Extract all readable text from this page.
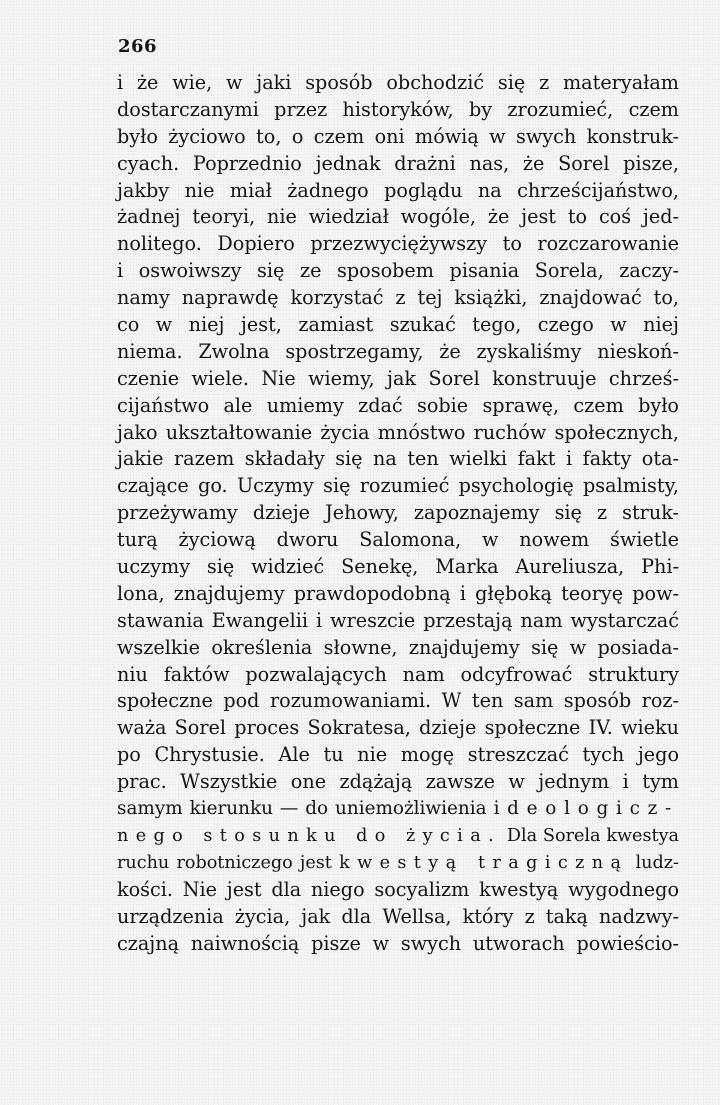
266
i że wie, w jaki sposób obchodzić się z materyałam
dostarczanymi przez historyków, by zrozumieć, czem
było życiowo to, o czem oni mówią w swych konstruk-
cyach. Poprzednio jednak drażni nas, że Sorel pisze,
jakby nie miał żadnego poglądu na chrześcijaństwo,
żadnej teoryi, nie wiedział wogóle, że jest to coś jed-
nolitego. Dopiero przezwyciężywszy to rozczarowanie
i oswoiwszy się ze sposobem pisania Sorela, zaczy-
namy naprawdę korzystać z tej książki, znajdować to,
co w niej jest, zamiast szukać tego, czego w niej
niema. Zwolna spostrzegamy, że zyskaliśmy nieskoń-
czenie wiele. Nie wiemy, jak Sorel konstruuje chrześ-
cijaństwo ale umiemy zdać sobie sprawę, czem było
jako ukształtowanie życia mnóstwo ruchów społecznych,
jakie razem składały się na ten wielki fakt i fakty ota-
czające go. Uczymy się rozumieć psychologię psalmisty,
przeżywamy dzieje Jehowy, zapoznajemy się z struk-
turą życiową dworu Salomona, w nowem świetle
uczymy się widzieć Senekę, Marka Aureliusza, Phi-
lona, znajdujemy prawdopodobną i głęboką teoryę pow-
stawania Ewangelii i wreszcie przestają nam wystarczać
wszelkie określenia słowne, znajdujemy się w posiada-
niu faktów pozwalających nam odcyfrować struktury
społeczne pod rozumowaniami. W ten sam sposób roz-
waża Sorel proces Sokratesa, dzieje społeczne IV. wieku
po Chrystusie. Ale tu nie mogę streszczać tych jego
prac. Wszystkie one zdążają zawsze w jednym i tym
samym kierunku — do uniemożliwienia ideologicz-
nego stosunku do życia. Dla Sorela kwestya
ruchu robotniczego jest kwestyą tragiczną ludz-
kości. Nie jest dla niego socyalizm kwestyą wygodnego
urządzenia życia, jak dla Wellsa, który z taką nadzwy-
czajną naiwnością pisze w swych utworach powieścio-
